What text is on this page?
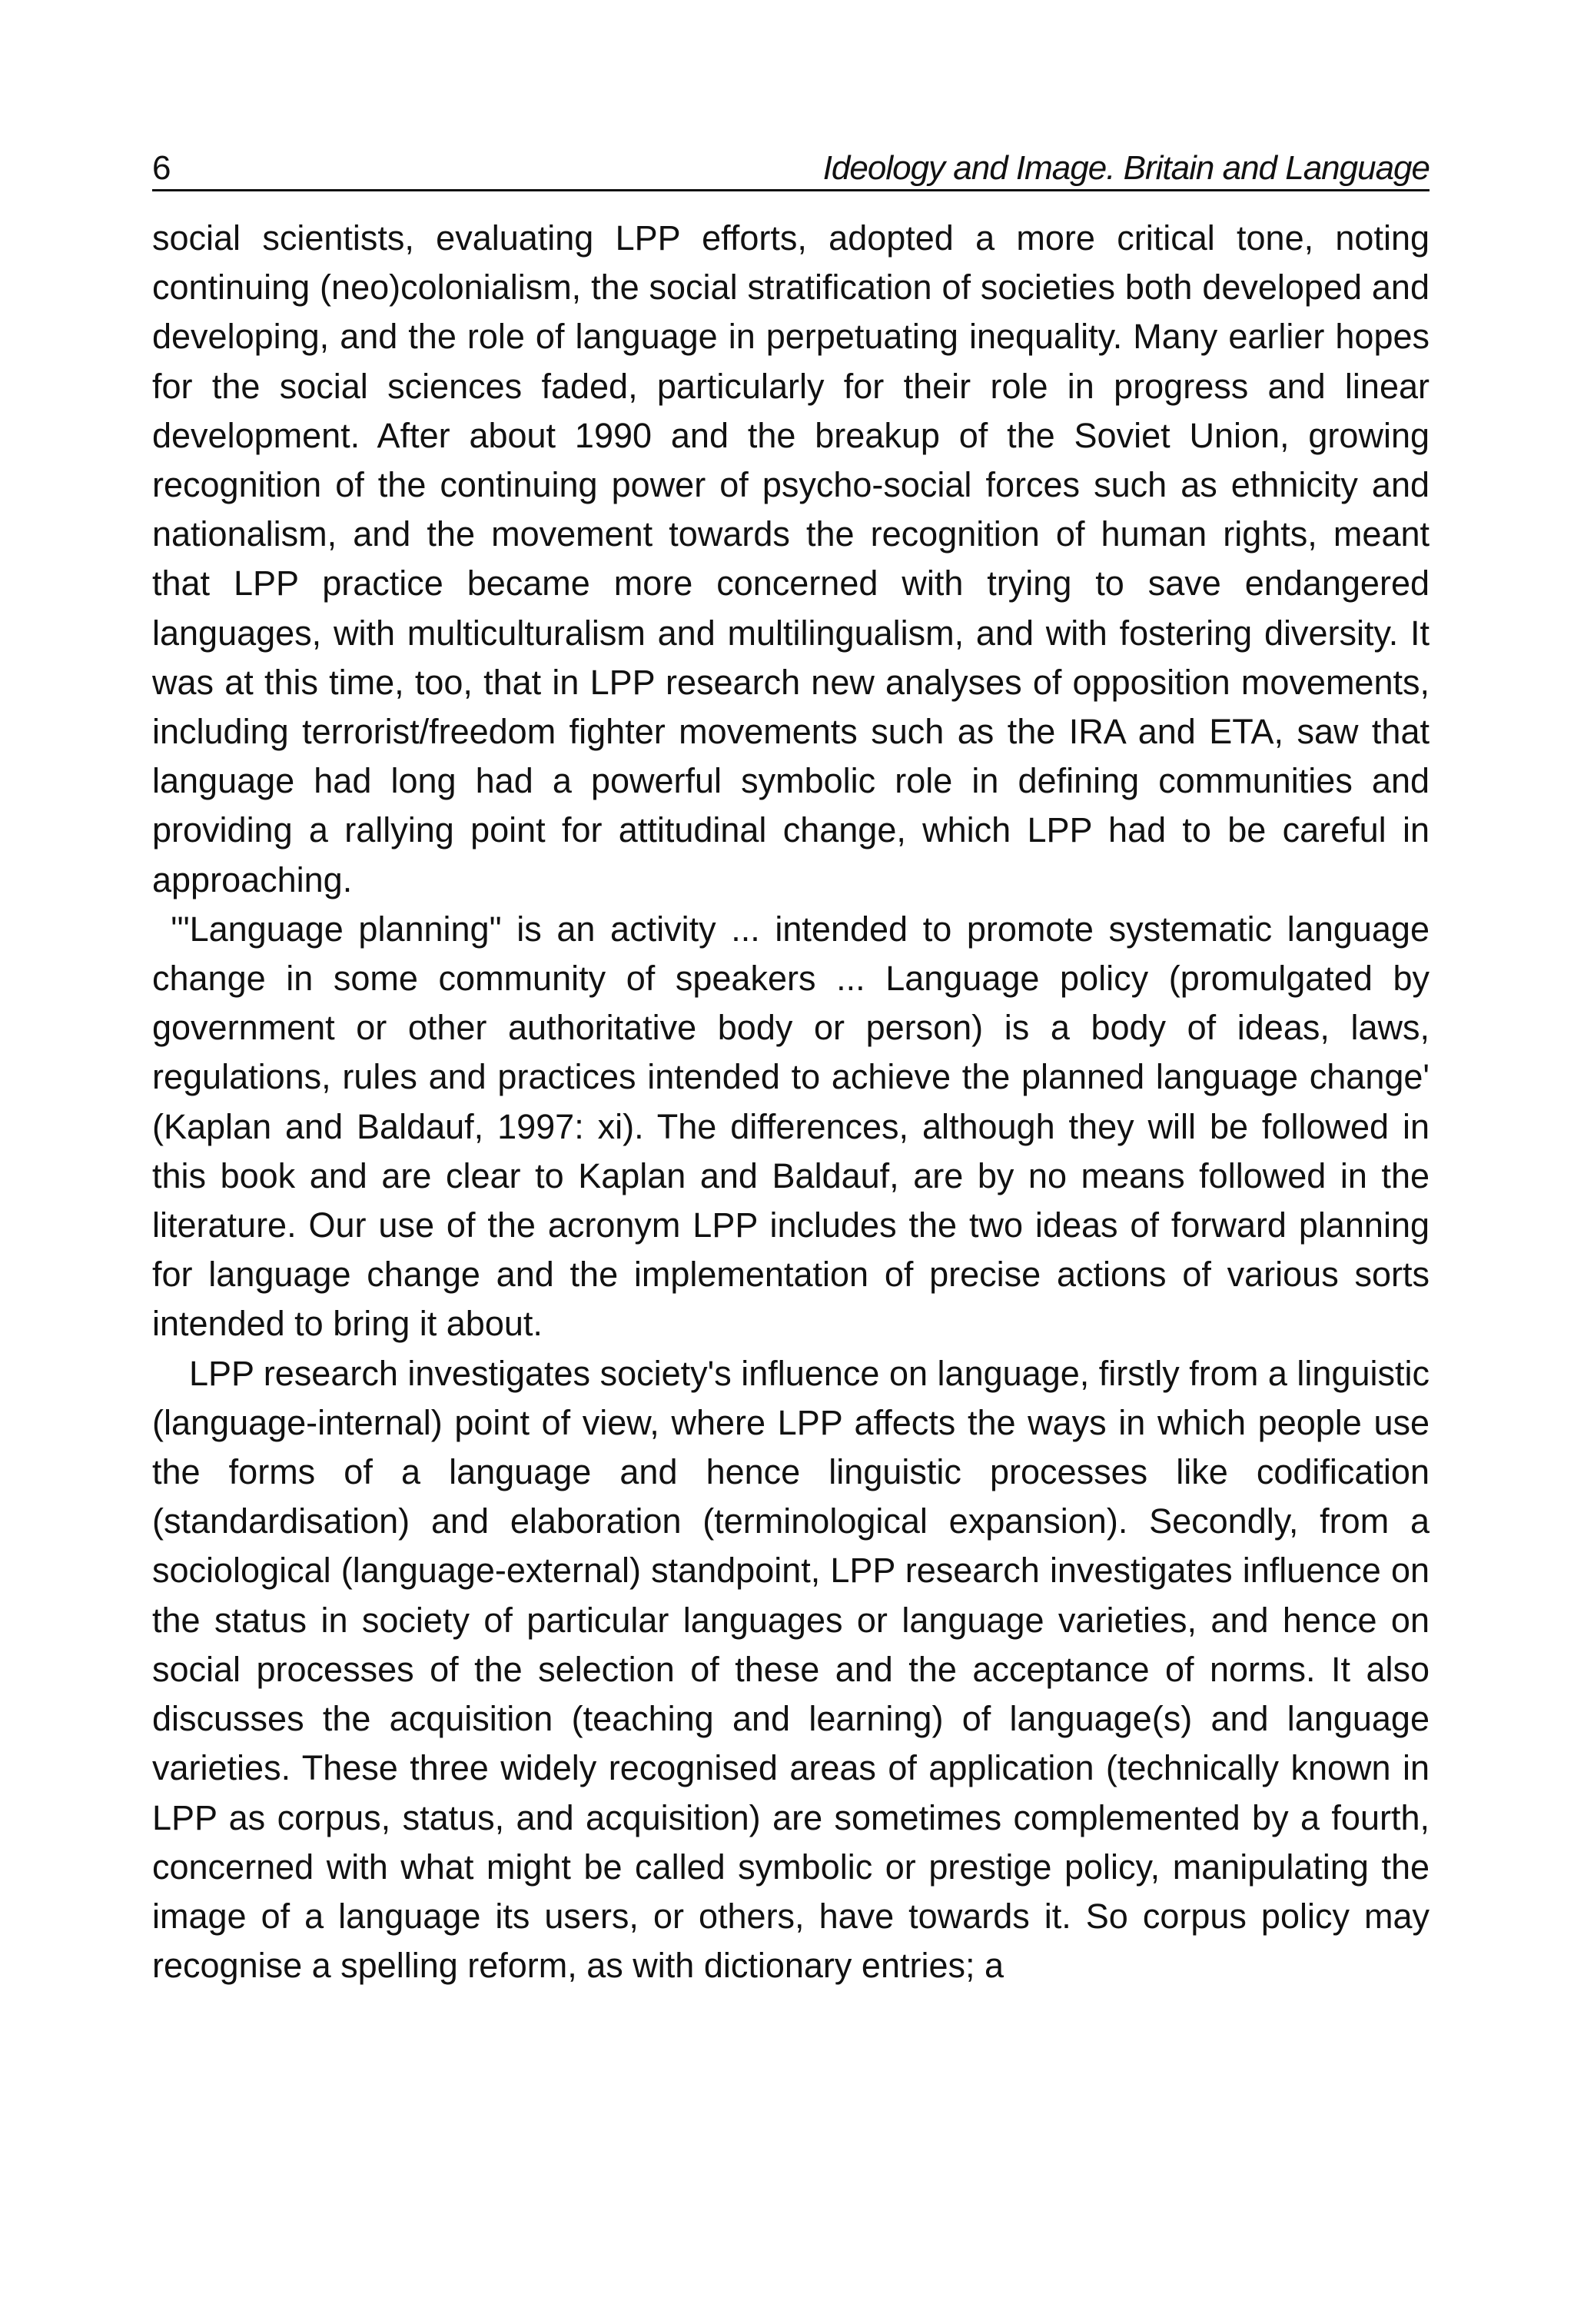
6	Ideology and Image. Britain and Language

social scientists, evaluating LPP efforts, adopted a more critical tone, noting continuing (neo)colonialism, the social stratification of societies both developed and developing, and the role of language in perpetuating inequality. Many earlier hopes for the social sciences faded, particularly for their role in progress and linear development. After about 1990 and the breakup of the Soviet Union, growing recognition of the continuing power of psycho-social forces such as ethnicity and nationalism, and the movement towards the recognition of human rights, meant that LPP practice became more concerned with trying to save endangered languages, with multiculturalism and multilingualism, and with fostering diversity. It was at this time, too, that in LPP research new analyses of opposition movements, including terrorist/freedom fighter movements such as the IRA and ETA, saw that language had long had a powerful symbolic role in defining communities and providing a rallying point for attitudinal change, which LPP had to be careful in approaching.

'"Language planning" is an activity ... intended to promote systematic language change in some community of speakers ... Language policy (promulgated by government or other authoritative body or person) is a body of ideas, laws, regulations, rules and practices intended to achieve the planned language change' (Kaplan and Baldauf, 1997: xi). The differences, although they will be followed in this book and are clear to Kaplan and Baldauf, are by no means followed in the literature. Our use of the acronym LPP includes the two ideas of forward planning for language change and the implementation of precise actions of various sorts intended to bring it about.

LPP research investigates society's influence on language, firstly from a linguistic (language-internal) point of view, where LPP affects the ways in which people use the forms of a language and hence linguistic processes like codification (standardisation) and elaboration (terminological expansion). Secondly, from a sociological (language-external) standpoint, LPP research investigates influence on the status in society of particular languages or language varieties, and hence on social processes of the selection of these and the acceptance of norms. It also discusses the acquisition (teaching and learning) of language(s) and language varieties. These three widely recognised areas of application (technically known in LPP as corpus, status, and acquisition) are sometimes complemented by a fourth, concerned with what might be called symbolic or prestige policy, manipulating the image of a language its users, or others, have towards it. So corpus policy may recognise a spelling reform, as with dictionary entries; a
